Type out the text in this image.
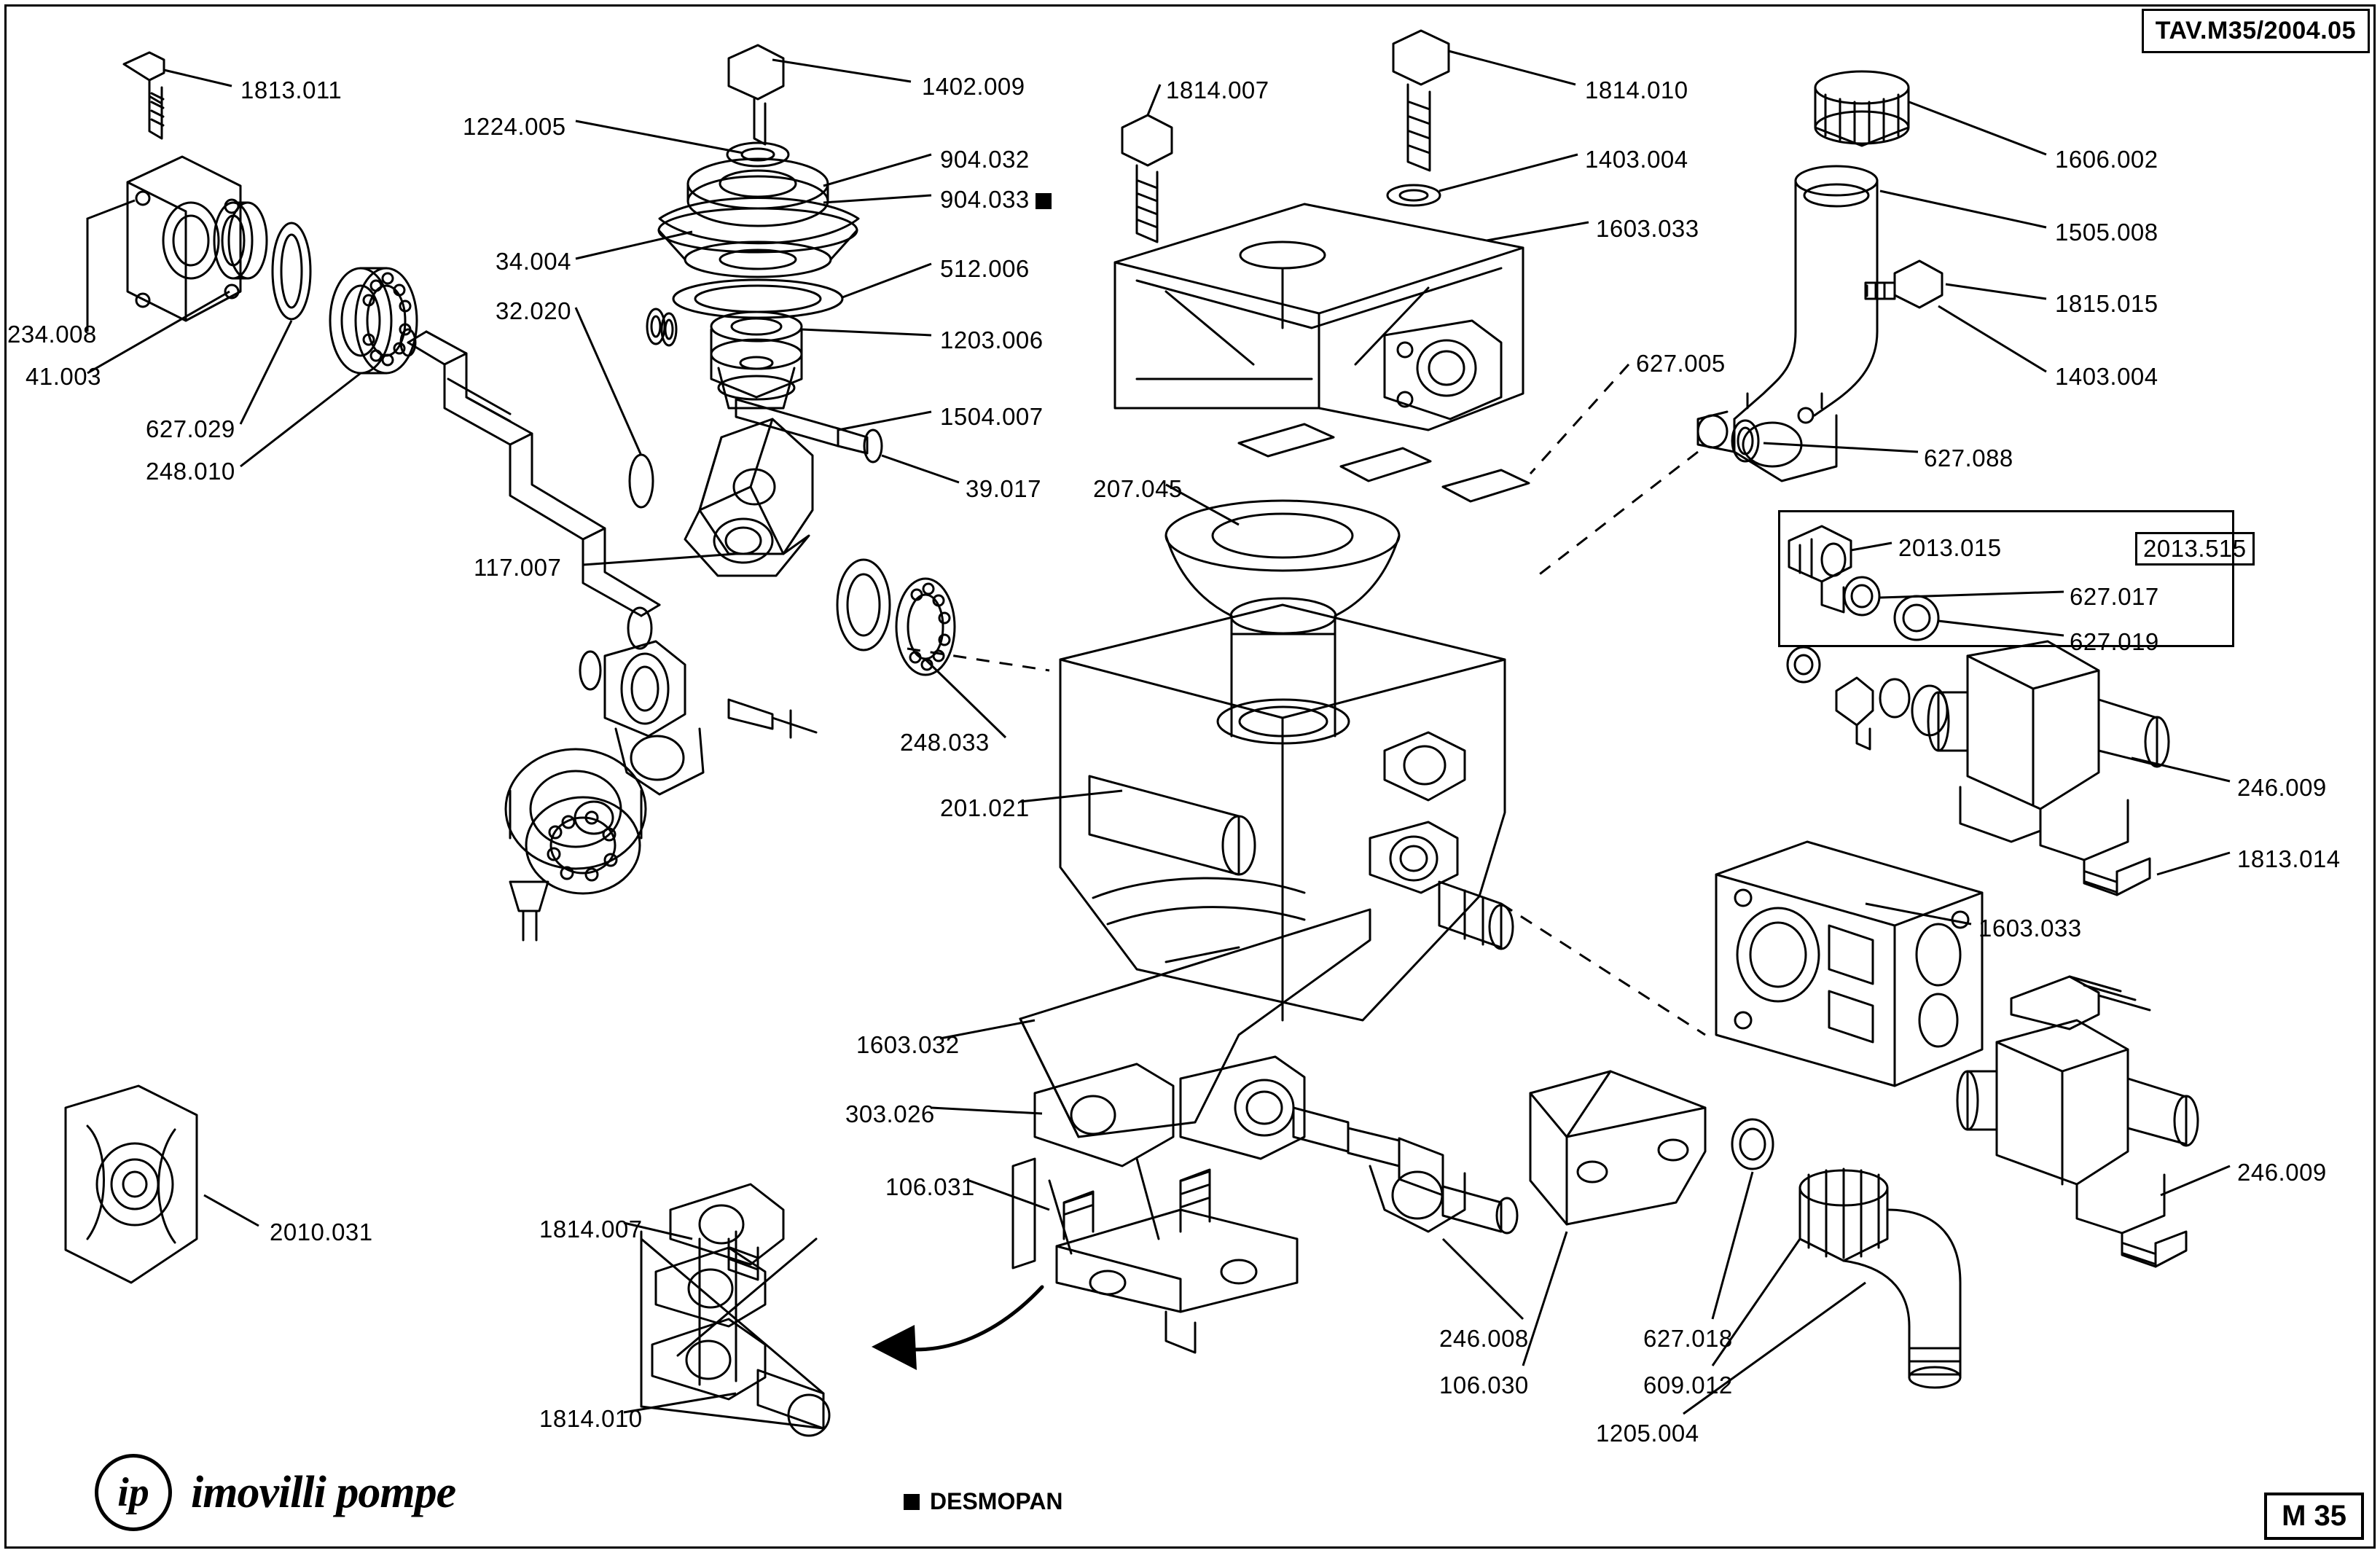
1813.011	1402.009
1224.005
1814.007	1814.010
1403.004	1606.002
904.032
904.033
1603.033	1505.008
34.004	512.006
1815.015
32.020
1203.006
1403.004
234.008
41.003	627.005
1504.007
627.029
627.088
248.010
39.017 207.045
2013.015	2013.515
117.007
627.017
627.019
248.033
246.009
201.021
1813.014
1603.033
1603.032
303.026
106.031
246.009
2010.031	1814.007
246.008	627.018
106.030	609.012
1814.010
1205.004
TAV.M35/2004.05
M 35
ip imovilli pompe	DESMOPAN
